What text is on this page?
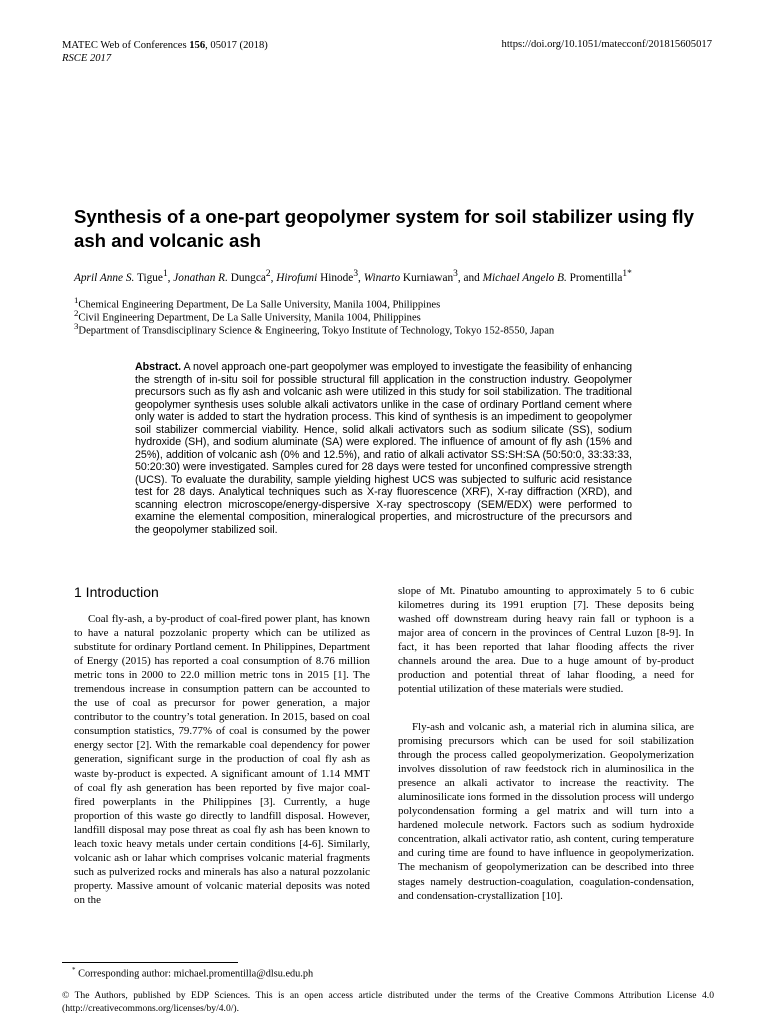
MATEC Web of Conferences 156, 05017 (2018)
RSCE 2017
https://doi.org/10.1051/matecconf/201815605017
Synthesis of a one-part geopolymer system for soil stabilizer using fly ash and volcanic ash
April Anne S. Tigue$^1$, Jonathan R. Dungca$^2$, Hirofumi Hinode$^3$, Winarto Kurniawan$^3$, and Michael Angelo B. Promentilla$^{1*}$
$^1$Chemical Engineering Department, De La Salle University, Manila 1004, Philippines
$^2$Civil Engineering Department, De La Salle University, Manila 1004, Philippines
$^3$Department of Transdisciplinary Science & Engineering, Tokyo Institute of Technology, Tokyo 152-8550, Japan

Abstract. A novel approach one-part geopolymer was employed to investigate the feasibility of enhancing the strength of in-situ soil for possible structural fill application in the construction industry. Geopolymer precursors such as fly ash and volcanic ash were utilized in this study for soil stabilization. The traditional geopolymer synthesis uses soluble alkali activators unlike in the case of ordinary Portland cement where only water is added to start the hydration process. This kind of synthesis is an impediment to geopolymer soil stabilizer commercial viability. Hence, solid alkali activators such as sodium silicate (SS), sodium hydroxide (SH), and sodium aluminate (SA) were explored. The influence of amount of fly ash (15% and 25%), addition of volcanic ash (0% and 12.5%), and ratio of alkali activator SS:SH:SA (50:50:0, 33:33:33, 50:20:30) were investigated. Samples cured for 28 days were tested for unconfined compressive strength (UCS). To evaluate the durability, sample yielding highest UCS was subjected to sulfuric acid resistance test for 28 days. Analytical techniques such as X-ray fluorescence (XRF), X-ray diffraction (XRD), and scanning electron microscope/energy-dispersive X-ray spectroscopy (SEM/EDX) were performed to examine the elemental composition, mineralogical properties, and microstructure of the precursors and the geopolymer stabilized soil.

1 Introduction

Coal fly-ash, a by-product of coal-fired power plant, has known to have a natural pozzolanic property which can be utilized as substitute for ordinary Portland cement. In Philippines, Department of Energy (2015) has reported a coal consumption of 8.76 million metric tons in 2000 to 22.0 million metric tons in 2015 [1]. The tremendous increase in consumption pattern can be accounted to the use of coal as precursor for power generation, a major contributor to the country’s total generation. In 2015, based on coal consumption statistics, 79.77% of coal is consumed by the power energy sector [2]. With the remarkable coal dependency for power generation, significant surge in the production of coal fly ash as waste by-product is expected. A significant amount of 1.14 MMT of coal fly ash generation has been reported by five major coal-fired powerplants in the Philippines [3]. Currently, a huge proportion of this waste go directly to landfill disposal. However, landfill disposal may pose threat as coal fly ash has been known to leach toxic heavy metals under certain conditions [4-6]. Similarly, volcanic ash or lahar which comprises volcanic material fragments such as pulverized rocks and minerals has also a natural pozzolanic property. Massive amount of volcanic material deposits was noted on the

slope of Mt. Pinatubo amounting to approximately 5 to 6 cubic kilometres during its 1991 eruption [7]. These deposits being washed off downstream during heavy rain fall or typhoon is a major area of concern in the provinces of Central Luzon [8-9]. In fact, it has been reported that lahar flooding affects the river channels around the area. Due to a huge amount of by-product production and potential threat of lahar flooding, a need for potential utilization of these materials were studied.

Fly-ash and volcanic ash, a material rich in alumina silica, are promising precursors which can be used for soil stabilization through the process called geopolymerization. Geopolymerization involves dissolution of raw feedstock rich in aluminosilica in the presence an alkali activator to increase the reactivity. The aluminosilicate ions formed in the dissolution process will undergo polycondensation forming a gel matrix and will turn into a hardened molecule network. Factors such as sodium hydroxide concentration, alkali activator ratio, ash content, curing temperature and curing time are found to have influence in geopolymerization. The mechanism of geopolymerization can be described into three stages namely destruction-coagulation, coagulation-condensation, and condensation-crystallization [10].

* Corresponding author: michael.promentilla@dlsu.edu.ph

© The Authors, published by EDP Sciences. This is an open access article distributed under the terms of the Creative Commons Attribution License 4.0 (http://creativecommons.org/licenses/by/4.0/).
